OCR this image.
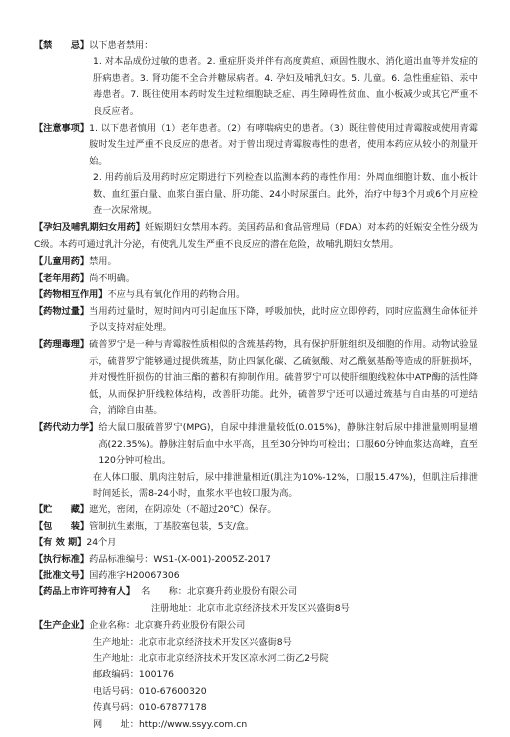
【禁　　忌】 以下患者禁用：
1. 对本品成份过敏的患者。2. 重症肝炎并伴有高度黄疸、顽固性腹水、消化道出血等并发症的肝病患者。3. 肾功能不全合并糖尿病者。4. 孕妇及哺乳妇女。5. 儿童。6. 急性重症铅、汞中毒患者。7. 既往使用本药时发生过粒细胞缺乏症、再生障碍性贫血、血小板减少或其它严重不良反应者。
【注意事项】 1. 以下患者慎用（1）老年患者。（2）有哮喘病史的患者。（3）既往曾使用过青霉胺或使用青霉胺时发生过严重不良反应的患者。对于曾出现过青霉胺毒性的患者，使用本药应从较小的剂量开始。
2. 用药前后及用药时应定期进行下列检查以监测本药的毒性作用：外周血细胞计数、血小板计数、血红蛋白量、血浆白蛋白量、肝功能、24小时尿蛋白。此外，治疗中每3个月或6个月应检查一次尿常规。
【孕妇及哺乳期妇女用药】妊娠期妇女禁用本药。美国药品和食品管理局（FDA）对本药的妊娠安全性分级为C级。本药可通过乳汁分泌，有使乳儿发生严重不良反应的潜在危险，故哺乳期妇女禁用。
【儿童用药】 禁用。
【老年用药】 尚不明确。
【药物相互作用】 不应与具有氧化作用的药物合用。
【药物过量】 当用药过量时，短时间内可引起血压下降，呼吸加快，此时应立即停药，同时应监测生命体征并予以支持对症处理。
【药理毒理】 硫普罗宁是一种与青霉胺性质相似的含巯基药物，具有保护肝脏组织及细胞的作用。动物试验显示，硫普罗宁能够通过提供巯基，防止四氯化碳、乙硫氨酸、对乙酰氨基酚等造成的肝脏损坏，并对慢性肝损伤的甘油三酯的蓄积有抑制作用。硫普罗宁可以使肝细胞线粒体中ATP酶的活性降低，从而保护肝线粒体结构，改善肝功能。此外，硫普罗宁还可以通过巯基与自由基的可逆结合，消除自由基。
【药代动力学】 给大鼠口服硫普罗宁(MPG)，自尿中排泄量较低(0.015%)，静脉注射后尿中排泄量则明显增高(22.35%)。静脉注射后血中水平高，且至30分钟均可检出；口服60分钟血浆达高峰，直至120分钟可检出。
在人体口服、肌肉注射后，尿中排泄量相近(肌注为10%-12%，口服15.47%)，但肌注后排泄时间延长，需8-24小时，血浆水平也较口服为高。
【贮　　藏】 遮光，密闭，在阴凉处（不超过20℃）保存。
【包　　装】 管制抗生素瓶，丁基胶塞包装，5支/盒。
【有 效 期】 24个月
【执行标准】 药品标准编号：WS1-(X-001)-2005Z-2017
【批准文号】 国药准字H20067306
【药品上市许可持有人】 名　　称： 北京赛升药业股份有限公司
注册地址： 北京市北京经济技术开发区兴盛街8号
【生产企业】 企业名称：北京赛升药业股份有限公司
生产地址：北京市北京经济技术开发区兴盛街8号
生产地址：北京市北京经济技术开发区凉水河二街乙2号院
邮政编码：100176
电话号码：010-67600320
传真号码：010-67877178
网　　址： http://www.ssyy.com.cn
